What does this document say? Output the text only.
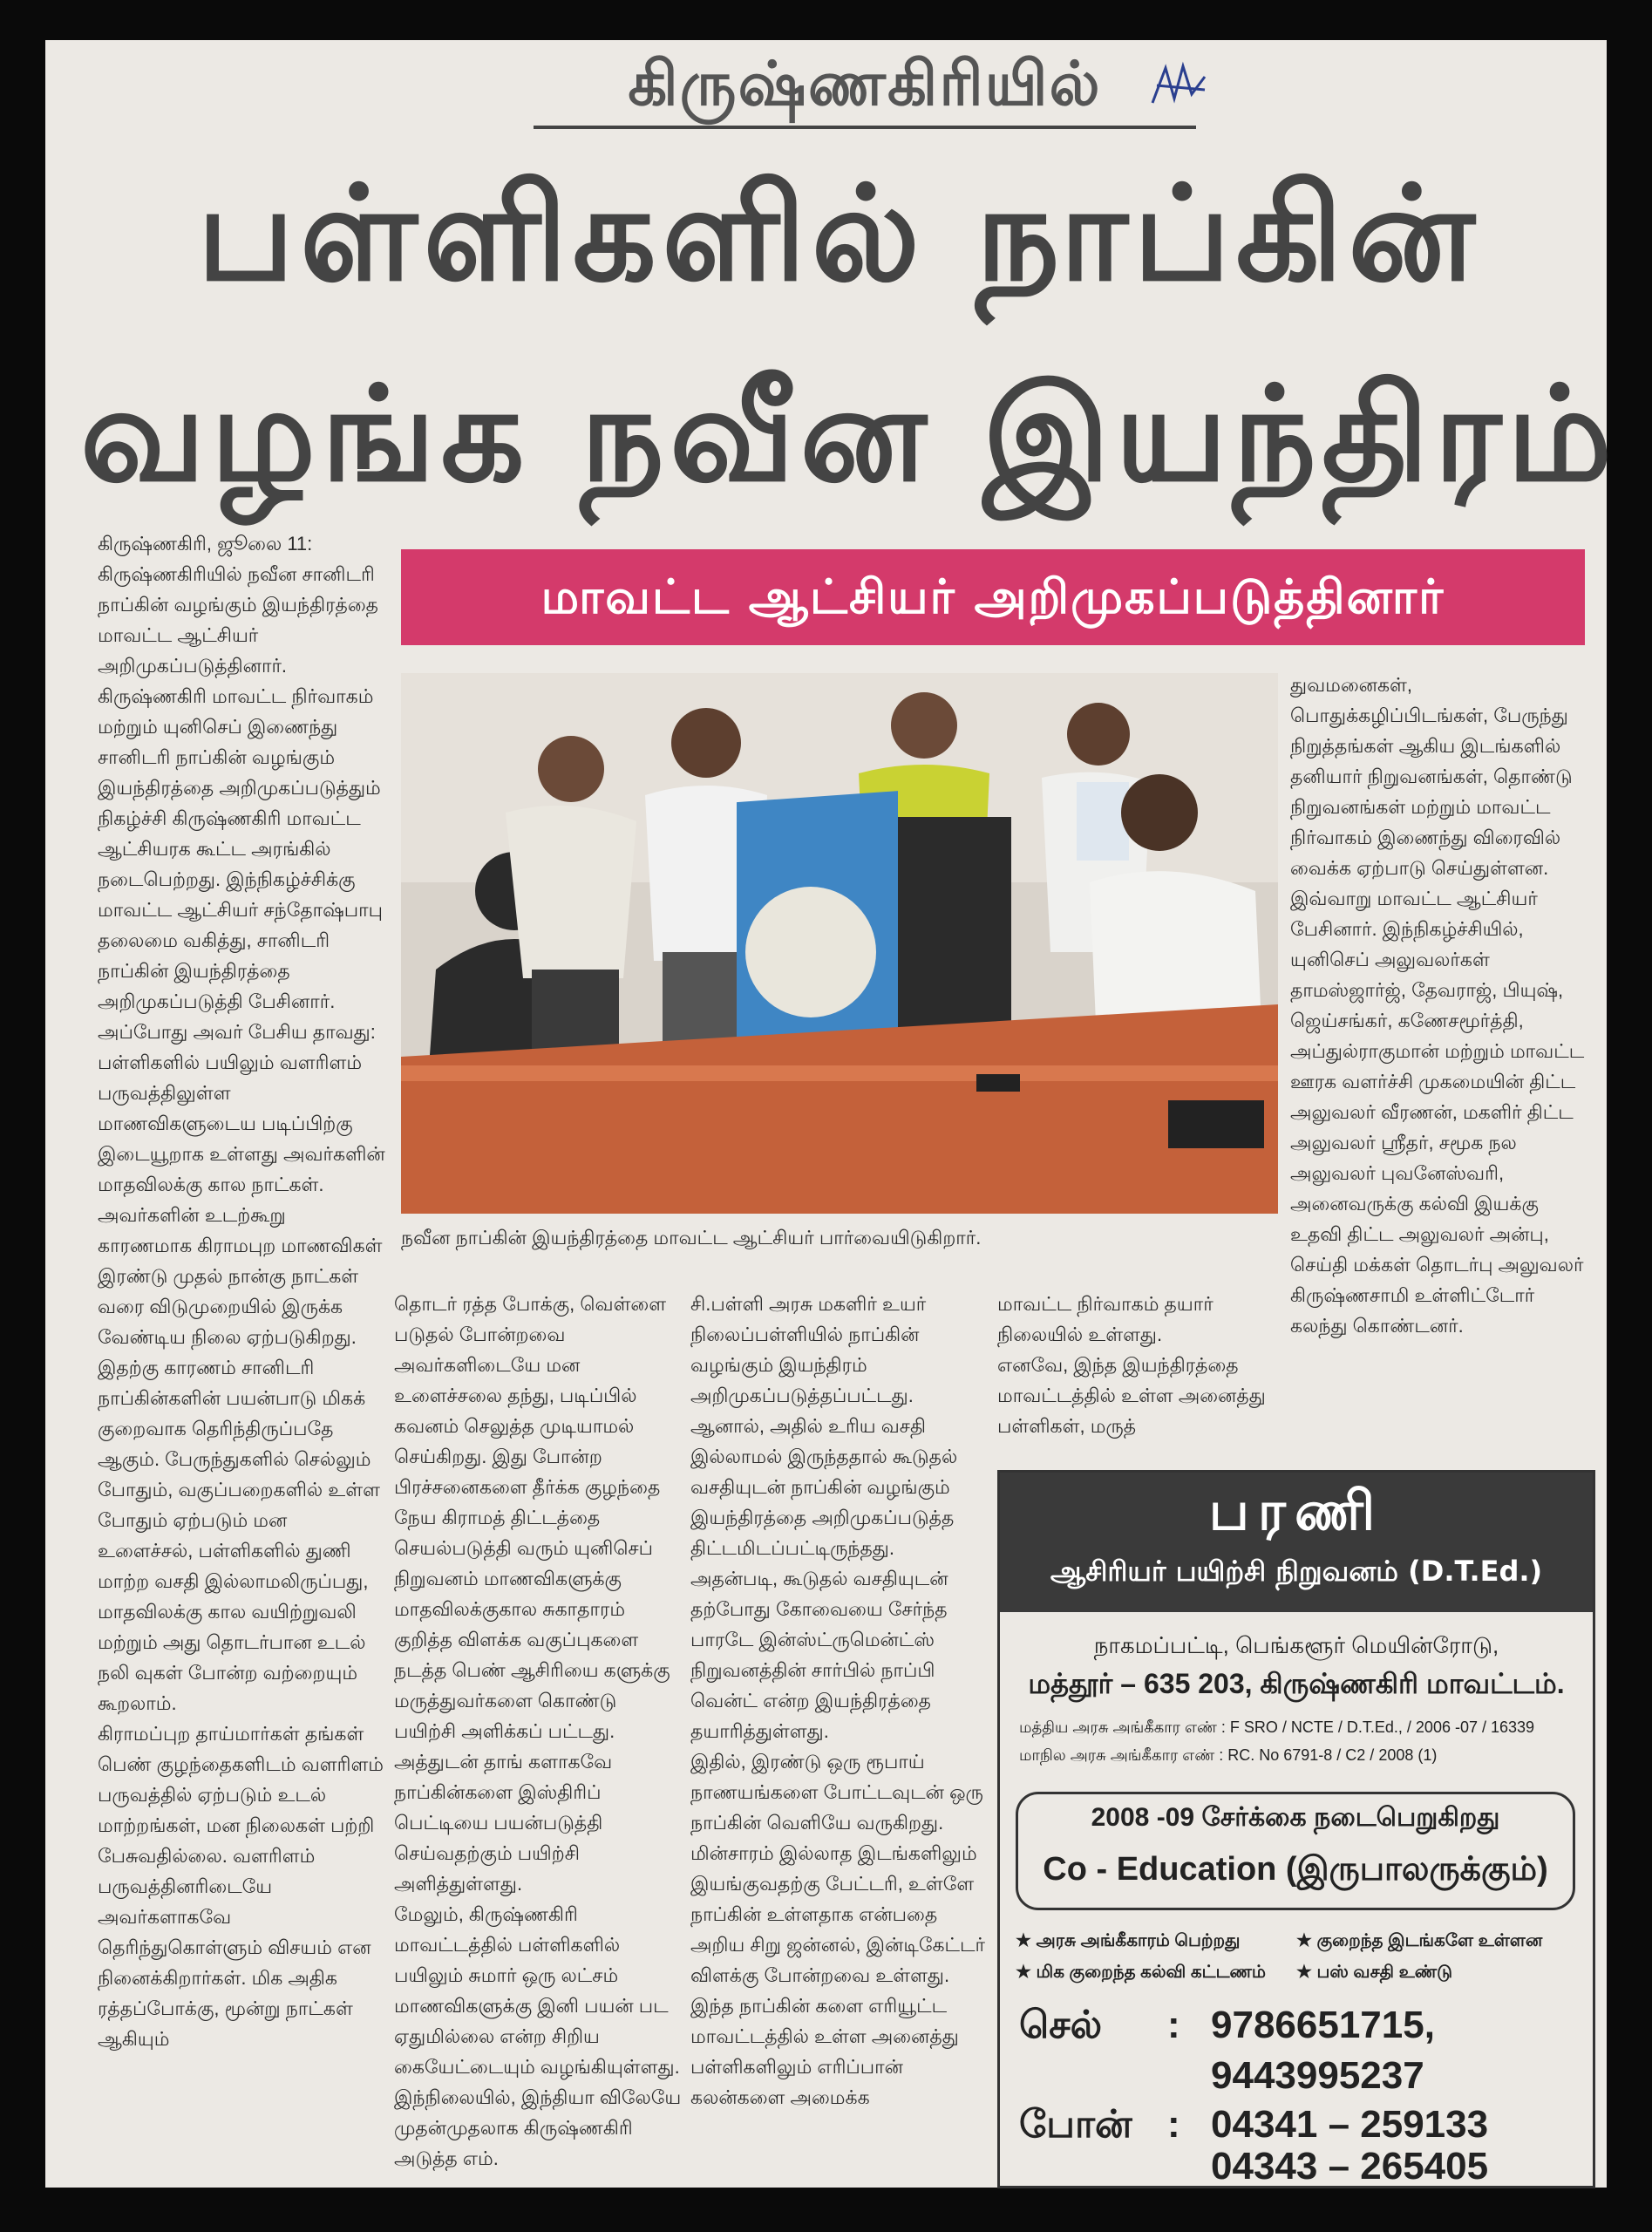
கிருஷ்ணகிரியில்
பள்ளிகளில் நாப்கின்
வழங்க நவீன இயந்திரம்
மாவட்ட ஆட்சியர் அறிமுகப்படுத்தினார்

கிருஷ்ணகிரி, ஜூலை 11: கிருஷ்ணகிரியில் நவீன சானிடரி நாப்கின் வழங்கும் இயந்திரத்தை மாவட்ட ஆட்சியர் அறிமுகப்படுத்தினார்.

கிருஷ்ணகிரி மாவட்ட நிர்வாகம் மற்றும் யுனிசெப் இணைந்து சானிடரி நாப்கின் வழங்கும் இயந்திரத்தை அறிமுகப்படுத்தும் நிகழ்ச்சி கிருஷ்ணகிரி மாவட்ட ஆட்சியரக கூட்ட அரங்கில் நடைபெற்றது. இந்நிகழ்ச்சிக்கு மாவட்ட ஆட்சியர் சந்தோஷ்பாபு தலைமை வகித்து, சானிடரி நாப்கின் இயந்திரத்தை அறிமுகப்படுத்தி பேசினார். அப்போது அவர் பேசிய தாவது:

பள்ளிகளில் பயிலும் வளரிளம் பருவத்திலுள்ள மாணவிகளுடைய படிப்பிற்கு இடையூறாக உள்ளது அவர்களின் மாதவிலக்கு கால நாட்கள். அவர்களின் உடற்கூறு காரணமாக கிராமபுற மாணவிகள் இரண்டு முதல் நான்கு நாட்கள் வரை விடுமுறையில் இருக்க வேண்டிய நிலை ஏற்படுகிறது.

இதற்கு காரணம் சானிடரி நாப்கின்களின் பயன்பாடு மிகக் குறைவாக தெரிந்திருப்பதே ஆகும். பேருந்துகளில் செல்லும் போதும், வகுப்பறைகளில் உள்ள போதும் ஏற்படும் மன உளைச்சல், பள்ளிகளில் துணி மாற்ற வசதி இல்லாமலிருப்பது, மாதவிலக்கு கால வயிற்றுவலி மற்றும் அது தொடர்பான உடல் நலி வுகள் போன்ற வற்றையும் கூறலாம்.

கிராமப்புற தாய்மார்கள் தங்கள் பெண் குழந்தைகளிடம் வளரிளம் பருவத்தில் ஏற்படும் உடல் மாற்றங்கள், மன நிலைகள் பற்றி பேசுவதில்லை. வளரிளம் பருவத்தினரிடையே அவர்களாகவே தெரிந்துகொள்ளும் விசயம் என நினைக்கிறார்கள். மிக அதிக ரத்தப்போக்கு, மூன்று நாட்கள் ஆகியும்

நவீன நாப்கின் இயந்திரத்தை மாவட்ட ஆட்சியர் பார்வையிடுகிறார்.

துவமனைகள், பொதுக்கழிப்பிடங்கள், பேருந்து நிறுத்தங்கள் ஆகிய இடங்களில் தனியார் நிறுவனங்கள், தொண்டு நிறுவனங்கள் மற்றும் மாவட்ட நிர்வாகம் இணைந்து விரைவில் வைக்க ஏற்பாடு செய்துள்ளன. இவ்வாறு மாவட்ட ஆட்சியர் பேசினார். இந்நிகழ்ச்சியில், யுனிசெப் அலுவலர்கள் தாமஸ்ஜார்ஜ், தேவராஜ், பியுஷ், ஜெய்சங்கர், கணேசமூர்த்தி, அப்துல்ராகுமான் மற்றும் மாவட்ட ஊரக வளர்ச்சி முகமையின் திட்ட அலுவலர் வீரணன், மகளிர் திட்ட அலுவலர் ஸ்ரீதர், சமூக நல அலுவலர் புவனேஸ்வரி, அனைவருக்கு கல்வி இயக்கு உதவி திட்ட அலுவலர் அன்பு, செய்தி மக்கள் தொடர்பு அலுவலர் கிருஷ்ணசாமி உள்ளிட்டோர் கலந்து கொண்டனர்.

தொடர் ரத்த போக்கு, வெள்ளை படுதல் போன்றவை அவர்களிடையே மன உளைச்சலை தந்து, படிப்பில் கவனம் செலுத்த முடியாமல் செய்கிறது. இது போன்ற பிரச்சனைகளை தீர்க்க குழந்தை நேய கிராமத் திட்டத்தை செயல்படுத்தி வரும் யுனிசெப் நிறுவனம் மாணவிகளுக்கு மாதவிலக்குகால சுகாதாரம் குறித்த விளக்க வகுப்புகளை நடத்த பெண் ஆசிரியை களுக்கு மருத்துவர்களை கொண்டு பயிற்சி அளிக்கப் பட்டது. அத்துடன் தாங் களாகவே நாப்கின்களை இஸ்திரிப் பெட்டியை பயன்படுத்தி செய்வதற்கும் பயிற்சி அளித்துள்ளது.

மேலும், கிருஷ்ணகிரி மாவட்டத்தில் பள்ளிகளில் பயிலும் சுமார் ஒரு லட்சம் மாணவிகளுக்கு இனி பயன் பட ஏதுமில்லை என்ற சிறிய கையேட்டையும் வழங்கியுள்ளது.

இந்நிலையில், இந்தியா விலேயே முதன்முதலாக கிருஷ்ணகிரி அடுத்த எம்.

சி.பள்ளி அரசு மகளிர் உயர் நிலைப்பள்ளியில் நாப்கின் வழங்கும் இயந்திரம் அறிமுகப்படுத்தப்பட்டது. ஆனால், அதில் உரிய வசதி இல்லாமல் இருந்ததால் கூடுதல் வசதியுடன் நாப்கின் வழங்கும் இயந்திரத்தை அறிமுகப்படுத்த திட்டமிடப்பட்டிருந்தது. அதன்படி, கூடுதல் வசதியுடன் தற்போது கோவையை சேர்ந்த பாரடே இன்ஸ்ட்ருமென்ட்ஸ் நிறுவனத்தின் சார்பில் நாப்பி வென்ட் என்ற இயந்திரத்தை தயாரித்துள்ளது.

இதில், இரண்டு ஒரு ரூபாய் நாணயங்களை போட்டவுடன் ஒரு நாப்கின் வெளியே வருகிறது. மின்சாரம் இல்லாத இடங்களிலும் இயங்குவதற்கு பேட்டரி, உள்ளே நாப்கின் உள்ளதாக என்பதை அறிய சிறு ஜன்னல், இன்டிகேட்டர் விளக்கு போன்றவை உள்ளது. இந்த நாப்கின் களை எரியூட்ட மாவட்டத்தில் உள்ள அனைத்து பள்ளிகளிலும் எரிப்பான் கலன்களை அமைக்க

மாவட்ட நிர்வாகம் தயார் நிலையில் உள்ளது.

எனவே, இந்த இயந்திரத்தை மாவட்டத்தில் உள்ள அனைத்து பள்ளிகள், மருத்

பரணி
ஆசிரியர் பயிற்சி நிறுவனம் (D.T.Ed.)
நாகமப்பட்டி, பெங்களூர் மெயின்ரோடு,
மத்தூர் – 635 203, கிருஷ்ணகிரி மாவட்டம்.
மத்திய அரசு அங்கீகார எண் : F SRO / NCTE / D.T.Ed., / 2006 -07 / 16339
மாநில அரசு அங்கீகார எண் : RC. No 6791-8 / C2 / 2008 (1)
2008 -09 சேர்க்கை நடைபெறுகிறது
Co - Education (இருபாலருக்கும்)
★ அரசு அங்கீகாரம் பெற்றது	★ குறைந்த இடங்களே உள்ளன
★ மிக குறைந்த கல்வி கட்டணம் ★ பஸ் வசதி உண்டு
செல் : 9786651715,
9443995237
போன் : 04341 – 259133
04343 – 265405
